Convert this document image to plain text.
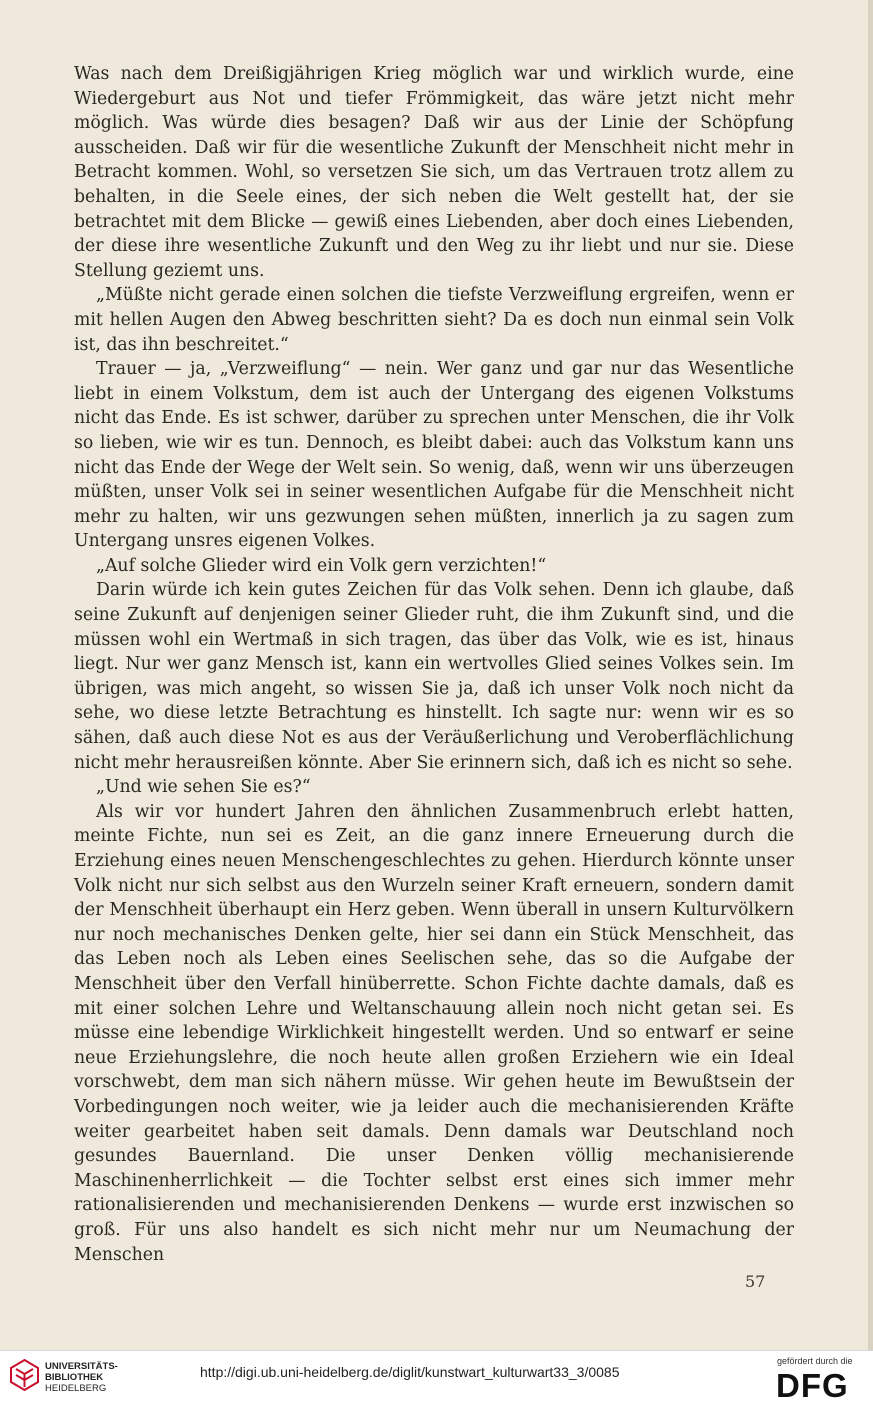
Was nach dem Dreißigjährigen Krieg möglich war und wirklich wurde, eine Wiedergeburt aus Not und tiefer Frömmigkeit, das wäre jetzt nicht mehr möglich. Was würde dies besagen? Daß wir aus der Linie der Schöpfung ausscheiden. Daß wir für die wesentliche Zukunft der Menschheit nicht mehr in Betracht kommen. Wohl, so versetzen Sie sich, um das Vertrauen trotz allem zu behalten, in die Seele eines, der sich neben die Welt gestellt hat, der sie betrachtet mit dem Blicke — gewiß eines Liebenden, aber doch eines Liebenden, der diese ihre wesentliche Zukunft und den Weg zu ihr liebt und nur sie. Diese Stellung geziemt uns.

„Müßte nicht gerade einen solchen die tiefste Verzweiflung ergreifen, wenn er mit hellen Augen den Abweg beschritten sieht? Da es doch nun einmal sein Volk ist, das ihn beschreitet.“

Trauer — ja, „Verzweiflung“ — nein. Wer ganz und gar nur das Wesentliche liebt in einem Volkstum, dem ist auch der Untergang des eigenen Volkstums nicht das Ende. Es ist schwer, darüber zu sprechen unter Menschen, die ihr Volk so lieben, wie wir es tun. Dennoch, es bleibt dabei: auch das Volkstum kann uns nicht das Ende der Wege der Welt sein. So wenig, daß, wenn wir uns überzeugen müßten, unser Volk sei in seiner wesentlichen Aufgabe für die Menschheit nicht mehr zu halten, wir uns gezwungen sehen müßten, innerlich ja zu sagen zum Untergang unsres eigenen Volkes.

„Auf solche Glieder wird ein Volk gern verzichten!“

Darin würde ich kein gutes Zeichen für das Volk sehen. Denn ich glaube, daß seine Zukunft auf denjenigen seiner Glieder ruht, die ihm Zukunft sind, und die müssen wohl ein Wertmaß in sich tragen, das über das Volk, wie es ist, hinaus liegt. Nur wer ganz Mensch ist, kann ein wertvolles Glied seines Volkes sein. Im übrigen, was mich angeht, so wissen Sie ja, daß ich unser Volk noch nicht da sehe, wo diese letzte Betrachtung es hinstellt. Ich sagte nur: wenn wir es so sähen, daß auch diese Not es aus der Veräußerlichung und Veroberflächlichung nicht mehr herausreißen könnte. Aber Sie erinnern sich, daß ich es nicht so sehe.

„Und wie sehen Sie es?“

Als wir vor hundert Jahren den ähnlichen Zusammenbruch erlebt hatten, meinte Fichte, nun sei es Zeit, an die ganz innere Erneuerung durch die Erziehung eines neuen Menschengeschlechtes zu gehen. Hierdurch könnte unser Volk nicht nur sich selbst aus den Wurzeln seiner Kraft erneuern, sondern damit der Menschheit überhaupt ein Herz geben. Wenn überall in unsern Kulturvölkern nur noch mechanisches Denken gelte, hier sei dann ein Stück Menschheit, das das Leben noch als Leben eines Seelischen sehe, das so die Aufgabe der Menschheit über den Verfall hinüberrette. Schon Fichte dachte damals, daß es mit einer solchen Lehre und Weltanschauung allein noch nicht getan sei. Es müsse eine lebendige Wirklichkeit hingestellt werden. Und so entwarf er seine neue Erziehungslehre, die noch heute allen großen Erziehern wie ein Ideal vorschwebt, dem man sich nähern müsse. Wir gehen heute im Bewußtsein der Vorbedingungen noch weiter, wie ja leider auch die mechanisierenden Kräfte weiter gearbeitet haben seit damals. Denn damals war Deutschland noch gesundes Bauernland. Die unser Denken völlig mechanisierende Maschinenherrlichkeit — die Tochter selbst erst eines sich immer mehr rationalisierenden und mechanisierenden Denkens — wurde erst inzwischen so groß. Für uns also handelt es sich nicht mehr nur um Neumachung der Menschen

57
UNIVERSITÄTS-
BIBLIOTHEK
HEIDELBERG
http://digi.ub.uni-heidelberg.de/diglit/kunstwart_kulturwart33_3/0085
gefördert durch die
DFG
